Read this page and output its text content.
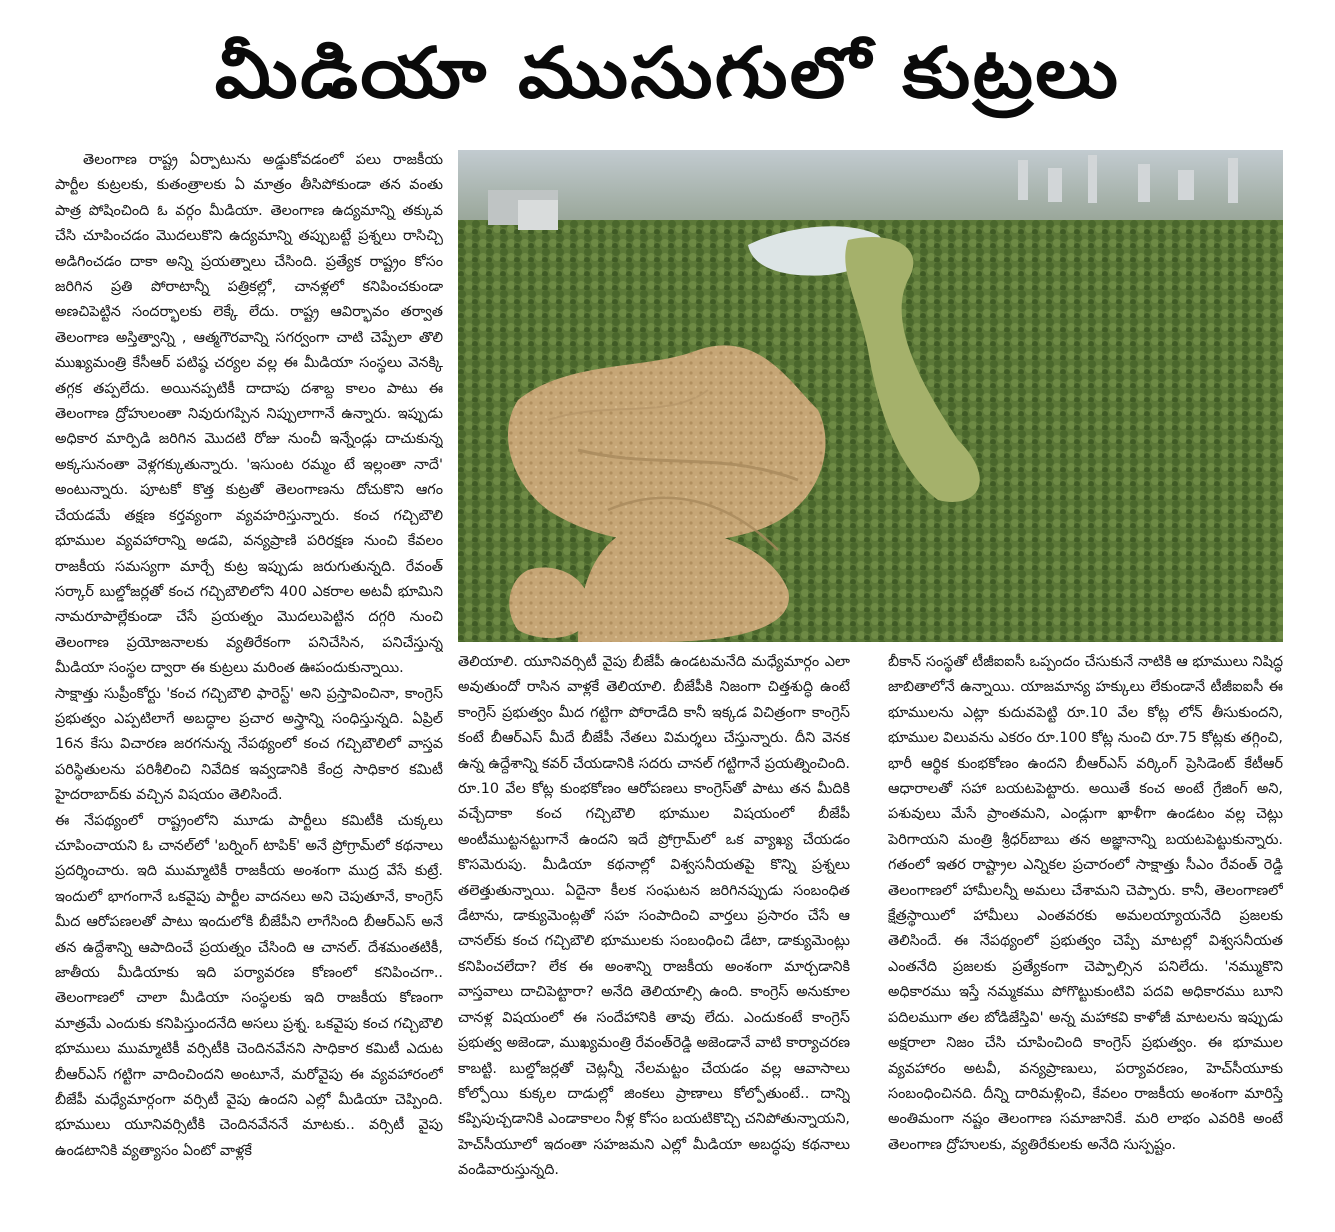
మీడియా ముసుగులో కుట్రలు

తెలంగాణ రాష్ట్ర ఏర్పాటును అడ్డుకోవడంలో పలు రాజకీయ పార్టీల కుట్రలకు, కుతంత్రాలకు ఏ మాత్రం తీసిపోకుండా తన వంతు పాత్ర పోషించింది ఓ వర్గం మీడియా. తెలంగాణ ఉద్యమాన్ని తక్కువ చేసి చూపించడం మొదలుకొని ఉద్యమాన్ని తప్పుబట్టే ప్రశ్నలు రాసిచ్చి అడిగించడం దాకా అన్ని ప్రయత్నాలు చేసింది. ప్రత్యేక రాష్ట్రం కోసం జరిగిన ప్రతి పోరాటాన్నీ పత్రికల్లో, చానళ్లలో కనిపించకుండా అణచిపెట్టిన సందర్భాలకు లెక్కే లేదు. రాష్ట్ర ఆవిర్భావం తర్వాత తెలంగాణ అస్తిత్వాన్ని , ఆత్మగౌరవాన్ని సగర్వంగా చాటి చెప్పేలా తొలి ముఖ్యమంత్రి కేసీఆర్ పటిష్ఠ చర్యల వల్ల ఈ మీడియా సంస్థలు వెనక్కి తగ్గక తప్పలేదు. అయినప్పటికీ దాదాపు దశాబ్ద కాలం పాటు ఈ తెలంగాణ ద్రోహులంతా నివురుగప్పిన నిప్పులాగానే ఉన్నారు. ఇప్పుడు అధికార మార్పిడి జరిగిన మొదటి రోజు నుంచీ ఇన్నేండ్లు దాచుకున్న అక్కసునంతా వెళ్లగక్కుతున్నారు. 'ఇసుంట రమ్మం టే ఇల్లంతా నాదే' అంటున్నారు. పూటకో కొత్త కుట్రతో తెలంగాణను దోచుకొని ఆగం చేయడమే తక్షణ కర్తవ్యంగా వ్యవహరిస్తున్నారు. కంచ గచ్చిబౌలి భూముల వ్యవహారాన్ని అడవి, వన్యప్రాణి పరిరక్షణ నుంచి కేవలం రాజకీయ సమస్యగా మార్చే కుట్ర ఇప్పుడు జరుగుతున్నది. రేవంత్ సర్కార్ బుల్డోజర్లతో కంచ గచ్చిబౌలిలోని 400 ఎకరాల అటవీ భూమిని నామరూపాల్లేకుండా చేసే ప్రయత్నం మొదలుపెట్టిన దగ్గరి నుంచి తెలంగాణ ప్రయోజనాలకు వ్యతిరేకంగా పనిచేసిన, పనిచేస్తున్న మీడియా సంస్థల ద్వారా ఈ కుట్రలు మరింత ఊపందుకున్నాయి.

సాక్షాత్తు సుప్రీంకోర్టు 'కంచ గచ్చిబౌలి ఫారెస్ట్' అని ప్రస్తావించినా, కాంగ్రెస్ ప్రభుత్వం ఎప్పటిలాగే అబద్ధాల ప్రచార అస్త్రాన్ని సంధిస్తున్నది. ఏప్రిల్ 16న కేసు విచారణ జరగనున్న నేపథ్యంలో కంచ గచ్చిబౌలిలో వాస్తవ పరిస్థితులను పరిశీలించి నివేదిక ఇవ్వడానికి కేంద్ర సాధికార కమిటీ హైదరాబాద్‌కు వచ్చిన విషయం తెలిసిందే.

ఈ నేపథ్యంలో రాష్ట్రంలోని మూడు పార్టీలు కమిటీకి చుక్కలు చూపించాయని ఓ చానల్‌లో 'బర్నింగ్ టాపిక్' అనే ప్రోగ్రామ్‌లో కథనాలు ప్రదర్శించారు. ఇది ముమ్మాటికీ రాజకీయ అంశంగా ముద్ర వేసే కుట్రే. ఇందులో భాగంగానే ఒకవైపు పార్టీల వాదనలు అని చెపుతూనే, కాంగ్రెస్ మీద ఆరోపణలతో పాటు ఇందులోకి బీజేపీని లాగేసింది బీఆర్‌ఎస్ అనే తన ఉద్దేశాన్ని ఆపాదించే ప్రయత్నం చేసింది ఆ చానల్. దేశమంతటికీ, జాతీయ మీడియాకు ఇది పర్యావరణ కోణంలో కనిపించగా.. తెలంగాణలో చాలా మీడియా సంస్థలకు ఇది రాజకీయ కోణంగా మాత్రమే ఎందుకు కనిపిస్తుందనేది అసలు ప్రశ్న. ఒకవైపు కంచ గచ్చిబౌలి భూములు ముమ్మాటికీ వర్సిటీకి చెందినవేనని సాధికార కమిటీ ఎదుట బీఆర్‌ఎస్ గట్టిగా వాదించిందని అంటూనే, మరోవైపు ఈ వ్యవహారంలో బీజేపీ మధ్యేమార్గంగా వర్సిటీ వైపు ఉందని ఎల్లో మీడియా చెప్పింది. భూములు యూనివర్సిటీకి చెందినవేననే మాటకు.. వర్సిటీ వైపు ఉండటానికి వ్యత్యాసం ఏంటో వాళ్లకే

తెలియాలి. యూనివర్సిటీ వైపు బీజేపీ ఉండటమనేది మధ్యేమార్గం ఎలా అవుతుందో రాసిన వాళ్లకే తెలియాలి. బీజేపీకి నిజంగా చిత్తశుద్ధి ఉంటే కాంగ్రెస్ ప్రభుత్వం మీద గట్టిగా పోరాడేది కానీ ఇక్కడ విచిత్రంగా కాంగ్రెస్ కంటే బీఆర్‌ఎస్ మీదే బీజేపీ నేతలు విమర్శలు చేస్తున్నారు. దీని వెనక ఉన్న ఉద్దేశాన్ని కవర్ చేయడానికి సదరు చానల్ గట్టిగానే ప్రయత్నించింది. రూ.10 వేల కోట్ల కుంభకోణం ఆరోపణలు కాంగ్రెస్‌తో పాటు తన మీదికి వచ్చేదాకా కంచ గచ్చిబౌలి భూముల విషయంలో బీజేపీ అంటీముట్టనట్టుగానే ఉందని ఇదే ప్రోగ్రామ్‌లో ఒక వ్యాఖ్య చేయడం కొసమెరుపు. మీడియా కథనాల్లో విశ్వసనీయతపై కొన్ని ప్రశ్నలు తలెత్తుతున్నాయి. ఏదైనా కీలక సంఘటన జరిగినప్పుడు సంబంధిత డేటాను, డాక్యుమెంట్లతో సహ సంపాదించి వార్తలు ప్రసారం చేసే ఆ చానల్‌కు కంచ గచ్చిబౌలి భూములకు సంబంధించి డేటా, డాక్యుమెంట్లు కనిపించలేదా? లేక ఈ అంశాన్ని రాజకీయ అంశంగా మార్చడానికి వాస్తవాలు దాచిపెట్టారా? అనేది తెలియాల్సి ఉంది. కాంగ్రెస్ అనుకూల చానళ్ల విషయంలో ఈ సందేహానికి తావు లేదు. ఎందుకంటే కాంగ్రెస్ ప్రభుత్వ అజెండా, ముఖ్యమంత్రి రేవంత్‌రెడ్డి అజెండానే వాటి కార్యాచరణ కాబట్టి. బుల్డోజర్లతో చెట్లన్నీ నేలమట్టం చేయడం వల్ల ఆవాసాలు కోల్పోయి కుక్కల దాడుల్లో జింకలు ప్రాణాలు కోల్పోతుంటే.. దాన్ని కప్పిపుచ్చడానికి ఎండాకాలం నీళ్ల కోసం బయటికొచ్చి చనిపోతున్నాయని, హెచ్‌సీయూలో ఇదంతా సహజమని ఎల్లో మీడియా అబద్ధపు కథనాలు వండివారుస్తున్నది.

బీకాన్ సంస్థతో టీజీఐఐసీ ఒప్పందం చేసుకునే నాటికి ఆ భూములు నిషిద్ధ జాబితాలోనే ఉన్నాయి. యాజమాన్య హక్కులు లేకుండానే టీజీఐఐసీ ఈ భూములను ఎట్లా కుదువపెట్టి రూ.10 వేల కోట్ల లోన్ తీసుకుందని, భూముల విలువను ఎకరం రూ.100 కోట్ల నుంచి రూ.75 కోట్లకు తగ్గించి, భారీ ఆర్థిక కుంభకోణం ఉందని బీఆర్‌ఎస్ వర్కింగ్ ప్రెసిడెంట్ కేటీఆర్ ఆధారాలతో సహా బయటపెట్టారు. అయితే కంచ అంటే గ్రేజింగ్ అని, పశువులు మేసే ప్రాంతమని, ఎండ్లుగా ఖాళీగా ఉండటం వల్ల చెట్లు పెరిగాయని మంత్రి శ్రీధర్‌బాబు తన అజ్ఞానాన్ని బయటపెట్టుకున్నారు. గతంలో ఇతర రాష్ట్రాల ఎన్నికల ప్రచారంలో సాక్షాత్తు సీఎం రేవంత్ రెడ్డి తెలంగాణలో హామీలన్నీ అమలు చేశామని చెప్పారు. కానీ, తెలంగాణలో క్షేత్రస్థాయిలో హామీలు ఎంతవరకు అమలయ్యాయనేది ప్రజలకు తెలిసిందే. ఈ నేపథ్యంలో ప్రభుత్వం చెప్పే మాటల్లో విశ్వసనీయత ఎంతనేది ప్రజలకు ప్రత్యేకంగా చెప్పాల్సిన పనిలేదు. 'నమ్ముకొని అధికారము ఇస్తే నమ్మకము పోగొట్టుకుంటివి పదవి అధికారము బూని పదిలముగా తల బోడిజేస్తివి' అన్న మహాకవి కాళోజీ మాటలను ఇప్పుడు అక్షరాలా నిజం చేసి చూపించింది కాంగ్రెస్ ప్రభుత్వం. ఈ భూముల వ్యవహారం అటవీ, వన్యప్రాణులు, పర్యావరణం, హెచ్‌సీయూకు సంబంధించినది. దీన్ని దారిమళ్లించి, కేవలం రాజకీయ అంశంగా మారిస్తే అంతిమంగా నష్టం తెలంగాణ సమాజానికే. మరి లాభం ఎవరికి అంటే తెలంగాణ ద్రోహులకు, వ్యతిరేకులకు అనేది సుస్పష్టం.
